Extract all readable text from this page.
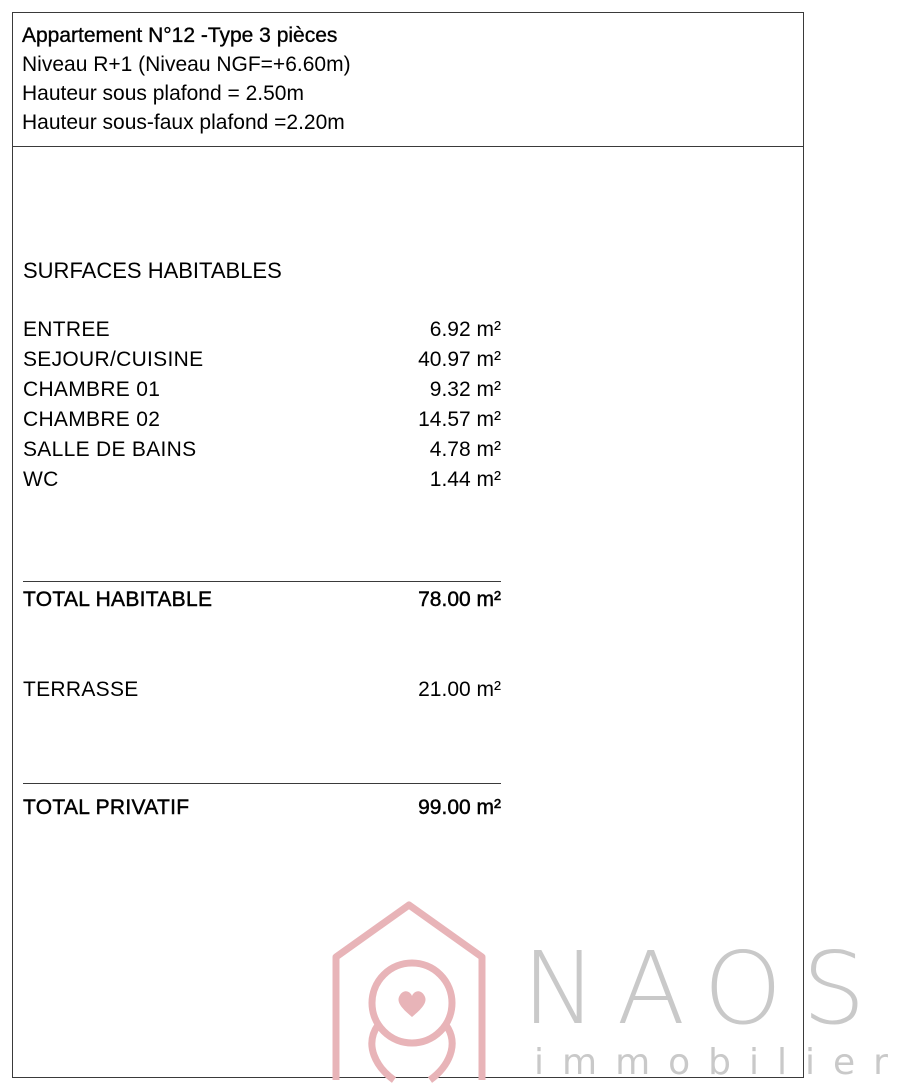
Appartement N°12 -Type 3 pièces
Niveau R+1 (Niveau NGF=+6.60m)
Hauteur sous plafond = 2.50m
Hauteur sous-faux plafond =2.20m
SURFACES HABITABLES
ENTREE	6.92 m²
SEJOUR/CUISINE	40.97 m²
CHAMBRE 01	9.32 m²
CHAMBRE 02	14.57 m²
SALLE DE BAINS	4.78 m²
WC	1.44 m²
TOTAL HABITABLE	78.00 m²
TERRASSE	21.00 m²
TOTAL PRIVATIF	99.00 m²
NAOS
immobilier
